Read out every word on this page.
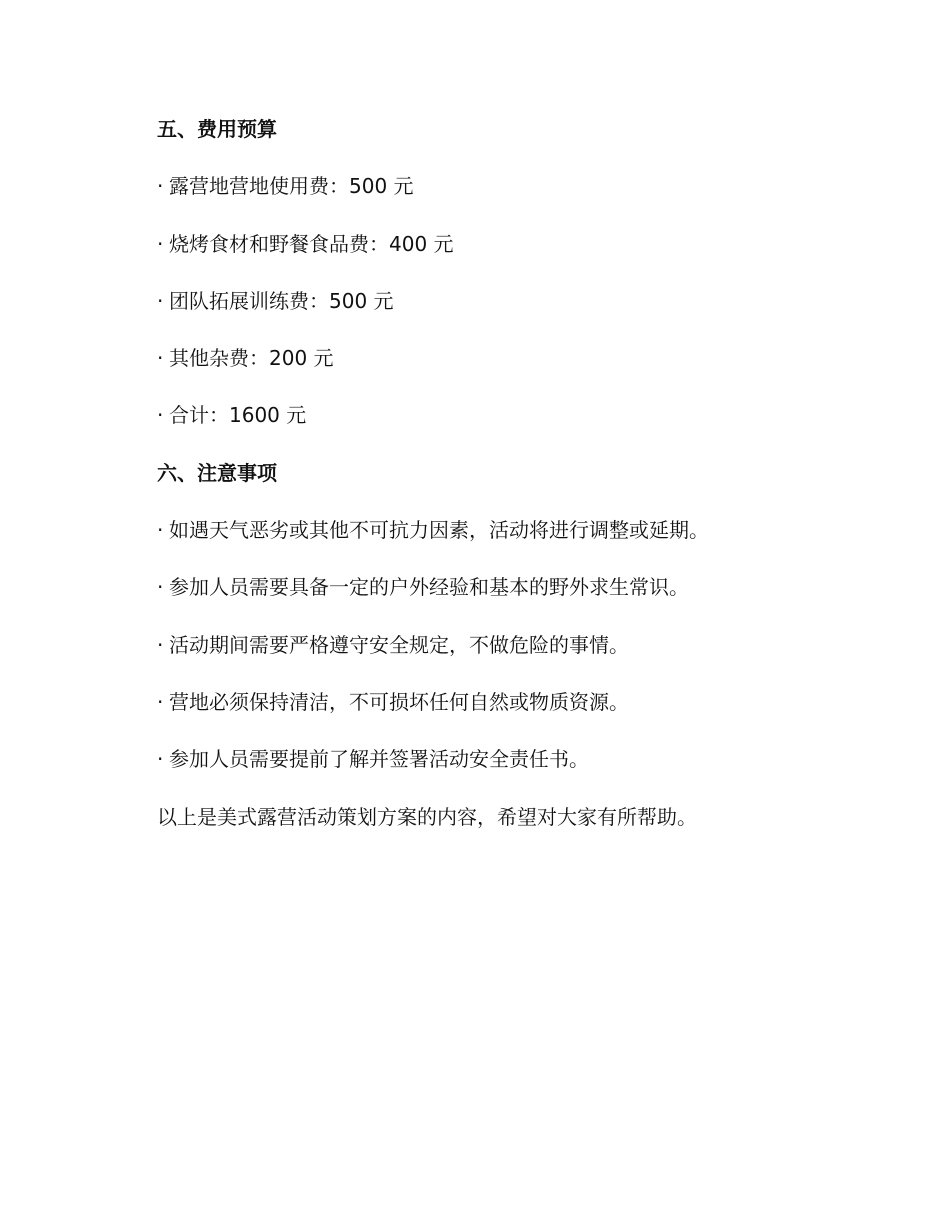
五、费用预算
· 露营地营地使用费：500 元
· 烧烤食材和野餐食品费：400 元
· 团队拓展训练费：500 元
· 其他杂费：200 元
· 合计：1600 元
六、注意事项
· 如遇天气恶劣或其他不可抗力因素，活动将进行调整或延期。
· 参加人员需要具备一定的户外经验和基本的野外求生常识。
· 活动期间需要严格遵守安全规定，不做危险的事情。
· 营地必须保持清洁，不可损坏任何自然或物质资源。
· 参加人员需要提前了解并签署活动安全责任书。
以上是美式露营活动策划方案的内容，希望对大家有所帮助。
